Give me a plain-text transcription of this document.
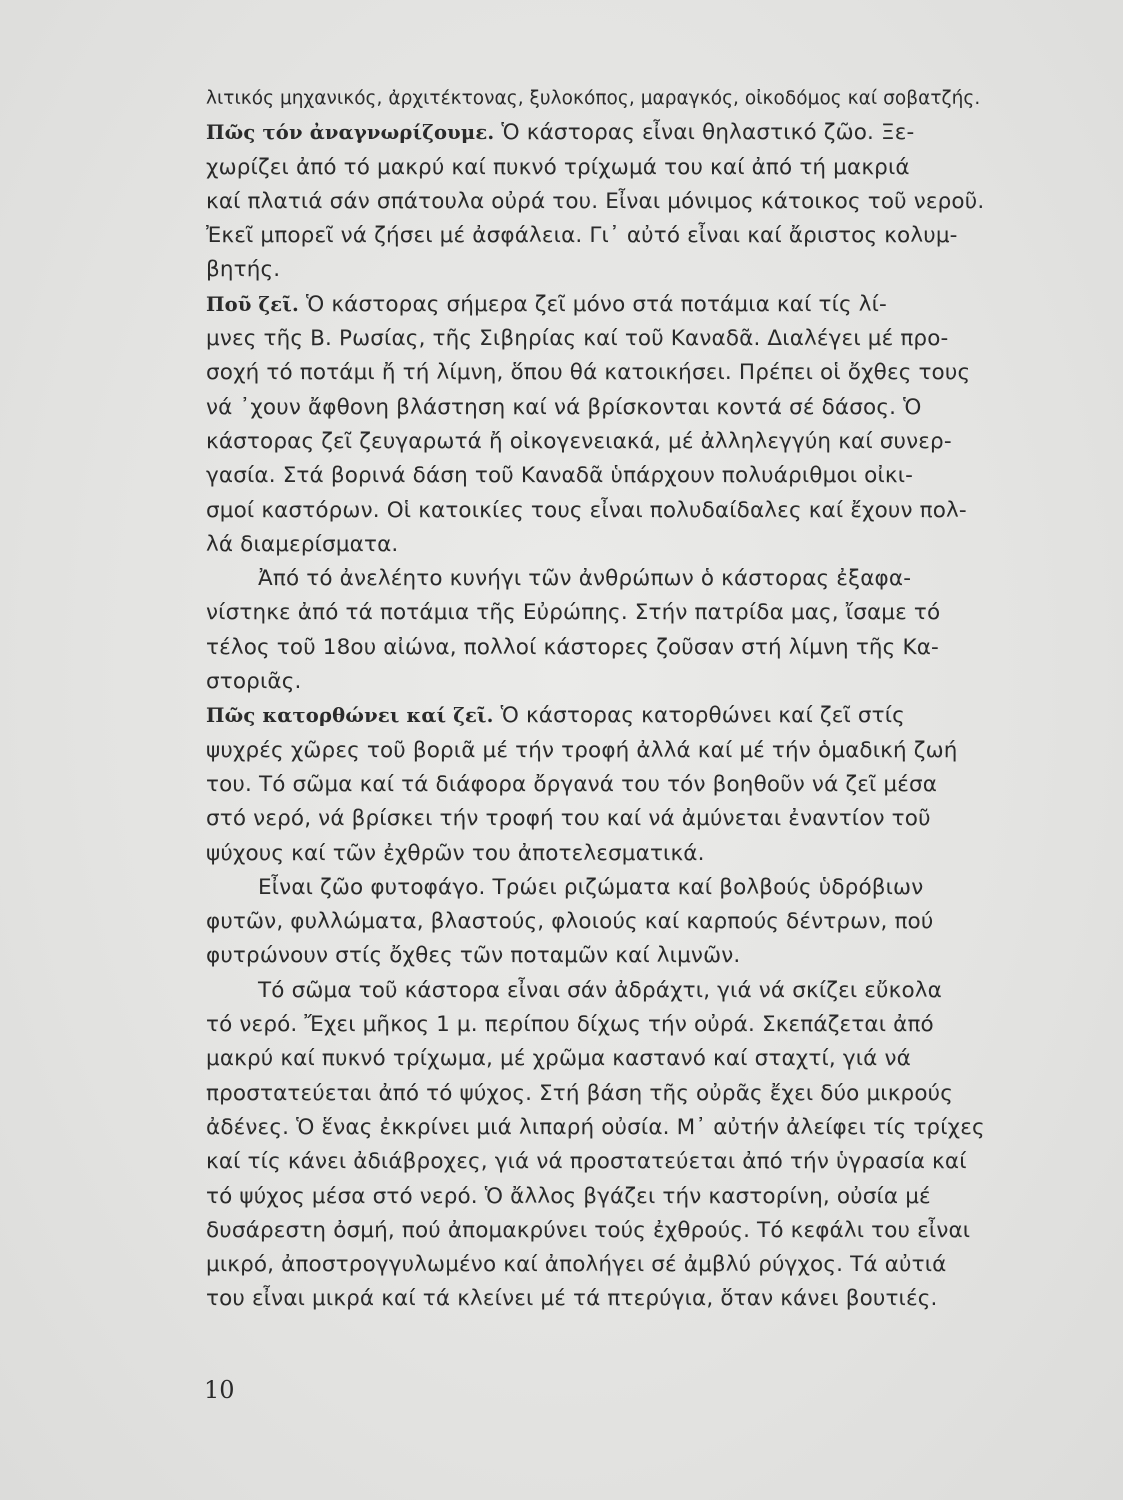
λιτικός μηχανικός, ἀρχιτέκτονας, ξυλοκόπος, μαραγκός, οἰκοδόμος καί σοβατζής.
Πῶς τόν ἀναγνωρίζουμε. Ὁ κάστορας εἶναι θηλαστικό ζῶο. Ξε-
χωρίζει ἀπό τό μακρύ καί πυκνό τρίχωμά του καί ἀπό τή μακριά
καί πλατιά σάν σπάτουλα οὐρά του. Εἶναι μόνιμος κάτοικος τοῦ νεροῦ.
Ἐκεῖ μπορεῖ νά ζήσει μέ ἀσφάλεια. Γι᾽ αὐτό εἶναι καί ἄριστος κολυμ-
βητής.
Ποῦ ζεῖ. Ὁ κάστορας σήμερα ζεῖ μόνο στά ποτάμια καί τίς λί-
μνες τῆς Β. Ρωσίας, τῆς Σιβηρίας καί τοῦ Καναδᾶ. Διαλέγει μέ προ-
σοχή τό ποτάμι ἤ τή λίμνη, ὅπου θά κατοικήσει. Πρέπει οἱ ὄχθες τους
νά ᾽χουν ἄφθονη βλάστηση καί νά βρίσκονται κοντά σέ δάσος. Ὁ
κάστορας ζεῖ ζευγαρωτά ἤ οἰκογενειακά, μέ ἀλληλεγγύη καί συνερ-
γασία. Στά βορινά δάση τοῦ Καναδᾶ ὑπάρχουν πολυάριθμοι οἰκι-
σμοί καστόρων. Οἱ κατοικίες τους εἶναι πολυδαίδαλες καί ἔχουν πολ-
λά διαμερίσματα.
Ἀπό τό ἀνελέητο κυνήγι τῶν ἀνθρώπων ὁ κάστορας ἐξαφα-
νίστηκε ἀπό τά ποτάμια τῆς Εὐρώπης. Στήν πατρίδα μας, ἴσαμε τό
τέλος τοῦ 18ου αἰώνα, πολλοί κάστορες ζοῦσαν στή λίμνη τῆς Κα-
στοριᾶς.
Πῶς κατορθώνει καί ζεῖ. Ὁ κάστορας κατορθώνει καί ζεῖ στίς
ψυχρές χῶρες τοῦ βοριᾶ μέ τήν τροφή ἀλλά καί μέ τήν ὁμαδική ζωή
του. Τό σῶμα καί τά διάφορα ὄργανά του τόν βοηθοῦν νά ζεῖ μέσα
στό νερό, νά βρίσκει τήν τροφή του καί νά ἀμύνεται ἐναντίον τοῦ
ψύχους καί τῶν ἐχθρῶν του ἀποτελεσματικά.
Εἶναι ζῶο φυτοφάγο. Τρώει ριζώματα καί βολβούς ὑδρόβιων
φυτῶν, φυλλώματα, βλαστούς, φλοιούς καί καρπούς δέντρων, πού
φυτρώνουν στίς ὄχθες τῶν ποταμῶν καί λιμνῶν.
Τό σῶμα τοῦ κάστορα εἶναι σάν ἀδράχτι, γιά νά σκίζει εὔκολα
τό νερό. Ἔχει μῆκος 1 μ. περίπου δίχως τήν οὐρά. Σκεπάζεται ἀπό
μακρύ καί πυκνό τρίχωμα, μέ χρῶμα καστανό καί σταχτί, γιά νά
προστατεύεται ἀπό τό ψύχος. Στή βάση τῆς οὐρᾶς ἔχει δύο μικρούς
ἀδένες. Ὁ ἕνας ἐκκρίνει μιά λιπαρή οὐσία. Μ᾽ αὐτήν ἀλείφει τίς τρίχες
καί τίς κάνει ἀδιάβροχες, γιά νά προστατεύεται ἀπό τήν ὑγρασία καί
τό ψύχος μέσα στό νερό. Ὁ ἄλλος βγάζει τήν καστορίνη, οὐσία μέ
δυσάρεστη ὀσμή, πού ἀπομακρύνει τούς ἐχθρούς. Τό κεφάλι του εἶναι
μικρό, ἀποστρογγυλωμένο καί ἀπολήγει σέ ἀμβλύ ρύγχος. Τά αὐτιά
του εἶναι μικρά καί τά κλείνει μέ τά πτερύγια, ὅταν κάνει βουτιές.
10
